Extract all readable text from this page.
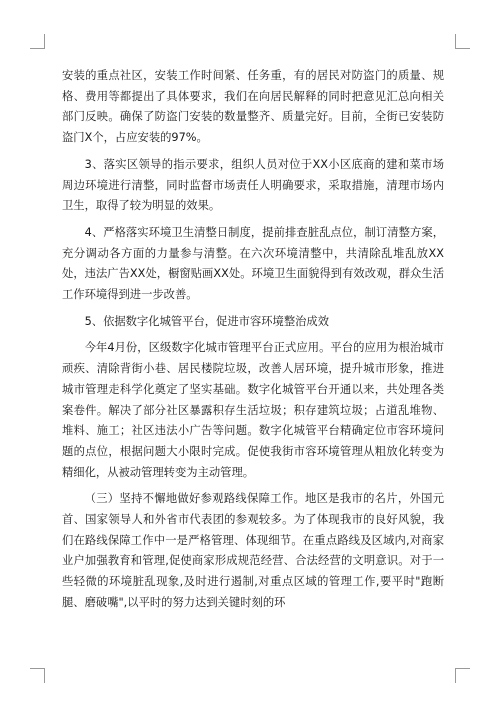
安装的重点社区，安装工作时间紧、任务重，有的居民对防盗门的质量、规格、费用等都提出了具体要求，我们在向居民解释的同时把意见汇总向相关部门反映。确保了防盗门安装的数量整齐、质量完好。目前，全街已安装防盗门X个，占应安装的97%。

3、落实区领导的指示要求，组织人员对位于XX小区底商的建和菜市场周边环境进行清整，同时监督市场责任人明确要求，采取措施，清理市场内卫生，取得了较为明显的效果。

4、严格落实环境卫生清整日制度，提前排查脏乱点位，制订清整方案，充分调动各方面的力量参与清整。在六次环境清整中，共清除乱堆乱放XX处，违法广告XX处，橱窗贴画XX处。环境卫生面貌得到有效改观，群众生活工作环境得到进一步改善。

5、依据数字化城管平台，促进市容环境整治成效

今年4月份，区级数字化城市管理平台正式应用。平台的应用为根治城市顽疾、清除背街小巷、居民楼院垃圾，改善人居环境，提升城市形象，推进城市管理走科学化奠定了坚实基础。数字化城管平台开通以来，共处理各类案卷件。解决了部分社区暴露积存生活垃圾；积存建筑垃圾；占道乱堆物、堆料、施工；社区违法小广告等问题。数字化城管平台精确定位市容环境问题的点位，根据问题大小限时完成。促使我街市容环境管理从粗放化转变为精细化，从被动管理转变为主动管理。

（三）坚持不懈地做好参观路线保障工作。地区是我市的名片，外国元首、国家领导人和外省市代表团的参观较多。为了体现我市的良好风貌，我们在路线保障工作中一是严格管理、体现细节。在重点路线及区域内,对商家业户加强教育和管理,促使商家形成规范经营、合法经营的文明意识。对于一些轻微的环境脏乱现象,及时进行遏制,对重点区域的管理工作,要平时"跑断腿、磨破嘴",以平时的努力达到关键时刻的环
